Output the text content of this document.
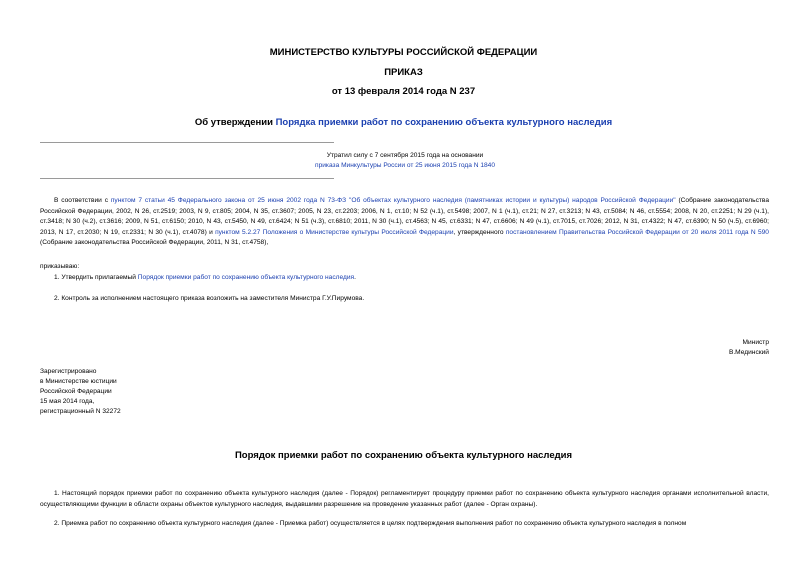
МИНИСТЕРСТВО КУЛЬТУРЫ РОССИЙСКОЙ ФЕДЕРАЦИИ
ПРИКАЗ
от 13 февраля 2014 года N 237
Об утверждении Порядка приемки работ по сохранению объекта культурного наследия
Утратил силу с 7 сентября 2015 года на основании
приказа Минкультуры России от 25 июня 2015 года N 1840

В соответствии с пунктом 7 статьи 45 Федерального закона от 25 июня 2002 года N 73-ФЗ "Об объектах культурного наследия (памятниках истории и культуры) народов Российской Федерации" (Собрание законодательства Российской Федерации, 2002, N 26, ст.2519; 2003, N 9, ст.805; 2004, N 35, ст.3607; 2005, N 23, ст.2203; 2006, N 1, ст.10; N 52 (ч.1), ст.5498; 2007, N 1 (ч.1), ст.21; N 27, ст.3213; N 43, ст.5084; N 46, ст.5554; 2008, N 20, ст.2251; N 29 (ч.1), ст.3418; N 30 (ч.2), ст.3616; 2009, N 51, ст.6150; 2010, N 43, ст.5450, N 49, ст.6424; N 51 (ч.3), ст.6810; 2011, N 30 (ч.1), ст.4563; N 45, ст.6331; N 47, ст.6606; N 49 (ч.1), ст.7015, ст.7026; 2012, N 31, ст.4322; N 47, ст.6390; N 50 (ч.5), ст.6960; 2013, N 17, ст.2030; N 19, ст.2331; N 30 (ч.1), ст.4078) и пунктом 5.2.27 Положения о Министерстве культуры Российской Федерации, утвержденного постановлением Правительства Российской Федерации от 20 июля 2011 года N 590 (Собрание законодательства Российской Федерации, 2011, N 31, ст.4758),

приказываю:
1. Утвердить прилагаемый Порядок приемки работ по сохранению объекта культурного наследия.
2. Контроль за исполнением настоящего приказа возложить на заместителя Министра Г.У.Пирумова.
Министр
В.Мединский
Зарегистрировано
в Министерстве юстиции
Российской Федерации
15 мая 2014 года,
регистрационный N 32272
Порядок приемки работ по сохранению объекта культурного наследия

1. Настоящий порядок приемки работ по сохранению объекта культурного наследия (далее - Порядок) регламентирует процедуру приемки работ по сохранению объекта культурного наследия органами исполнительной власти, осуществляющими функции в области охраны объектов культурного наследия, выдавшими разрешение на проведение указанных работ (далее - Орган охраны).

2. Приемка работ по сохранению объекта культурного наследия (далее - Приемка работ) осуществляется в целях подтверждения выполнения работ по сохранению объекта культурного наследия в полном
